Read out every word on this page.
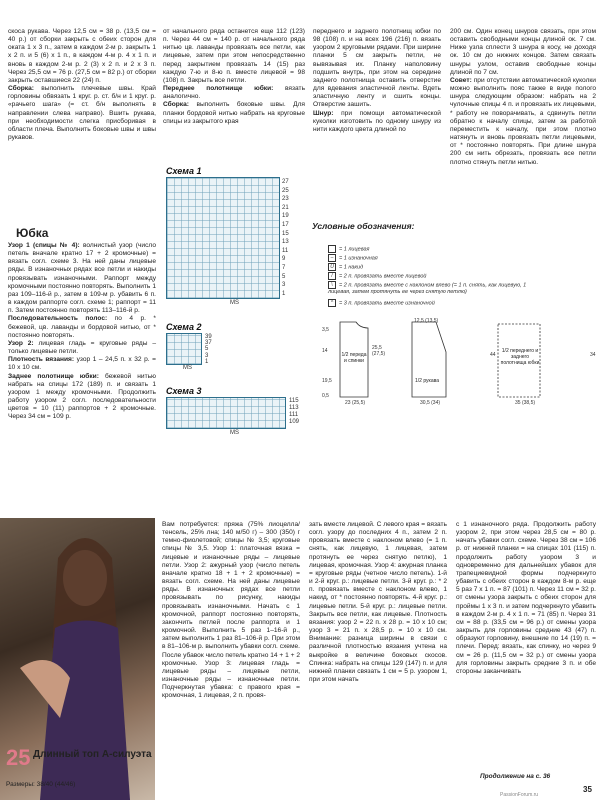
скоса рукава. Через 12,5 см = 38 р. (13,5 см = 40 р.) от сборки закрыть с обеих сторон для оката 1 х 3 п., затем в каждом 2-м р. закрыть 1 х 2 п. и 5 (6) х 1 п., в каждом 4-м р. 4 х 1 п. и вновь в каждом 2-м р. 2 (3) х 2 п. и 2 х 3 п. Через 25,5 см = 76 р. (27,5 см = 82 р.) от сборки закрыть оставшиеся 22 (24) п.

Сборка: выполнить плечевые швы. Край горловины обвязать 1 круг. р. ст. б/н и 1 круг. р. «рачьего шага» (= ст. б/н выполнять в направлении слева направо). Вшить рукава, при необходимости слегка присборивая в области плеча. Выполнить боковые швы и швы рукавов.

Юбка

Узор 1 (спицы № 4): волнистый узор (число петель вначале кратно 17 + 2 кромочные) = вязать согл. схеме 3. На ней даны лицевые ряды. В изнаночных рядах все петли и накиды провязывать изнаночными. Раппорт между кромочными постоянно повторять. Выполнить 1 раз 109–116-й р., затем в 109-м р. убавить 6 п. в каждом раппорте согл. схеме 1; раппорт = 11 п. Затем постоянно повторять 113–116-й р.

Последовательность полос: по 4 р. * бежевой, цв. лаванды и бордовой нитью, от * постоянно повторять.

Узор 2: лицевая гладь = круговые ряды – только лицевые петли.

Плотность вязания: узор 1 – 24,5 п. х 32 р. = 10 х 10 см.

Заднее полотнище юбки: бежевой нитью набрать на спицы 172 (189) п. и связать 1 узором 1 между кромочными. Продолжить работу узором 2 согл. последовательности цветов = 10 (11) раппортов + 2 кромочные. Через 34 см = 109 р.

от начального ряда останется еще 112 (123) п. Через 44 см = 140 р. от начального ряда нитью цв. лаванды провязать все петли, как лицевые, затем при этом непосредственно перед закрытием провязать 14 (15) раз каждую 7-ю и 8-ю п. вместе лицевой = 98 (108) п. Закрыть все петли.

Переднее полотнище юбки: вязать аналогично.

Сборка: выполнить боковые швы. Для планки бордовой нитью набрать на круговые спицы из закрытого края

переднего и заднего полотнищ юбки по 98 (108) п. и на всех 196 (216) п. вязать узором 2 круговыми рядами. При ширине планки 5 см закрыть петли, не вывязывая их. Планку наполовину подшить внутрь, при этом на середине заднего полотнища оставить отверстие для вдевания эластичной ленты. Вдеть эластичную ленту и сшить концы. Отверстие зашить.

Шнур: при помощи автоматической куколки изготовить по одному шнуру из нити каждого цвета длиной по

200 см. Один конец шнуров связать, при этом оставить свободными концы длиной ок. 7 см. Ниже узла сплести 3 шнура в косу, не доходя ок. 10 см до нижних концов. Затем связать шнуры узлом, оставив свободные концы длиной по 7 см.

Совет: при отсутствии автоматической куколки можно выполнить пояс также в виде полого шнура следующим образом: набрать на 2 чулочные спицы 4 п. и провязать их лицевыми, * работу не поворачивать, а сдвинуть петли обратно к началу спицы, затем за работой переместить к началу, при этом плотно натянуть и вновь провязать петли лицевыми, от * постоянно повторять. При длине шнура 200 см нить обрезать, провязать все петли плотно стянуть петли нитью.

Схема 1
27
25
23
21
19
17
15
13
11
9
7
5
3
1
MS
Схема 2
39
37
5
3
1
MS
Схема 3
115
113
111
109
MS
Условные обозначения:
= 1 лицевая
– = 1 изнаночная
U = 1 накид
/ = 2 п. провязать вместе лицевой
\ = 2 п. провязать вместе с наклоном влево (= 1 п. снять, как лицевую, 1 лицевая, затем протянуть ее через снятую петлю)
^ = 3 п. провязать вместе изнаночной
1/2 переда и спинки
1/2 рукава
1/2 переднего и заднего полотнища юбки
3,5
14
19,5
25,5
(27,5)
0,5
23 (25,5)
12,5 (13,5)
30,5 (34)	35 (38,5)
44	34
25 Длинный топ А-силуэта
Размеры: 38/40 (44/46)
Вам потребуется: пряжа (75% лиоцелла/тенсель, 25% лна; 140 м/50 г) – 300 (350) г темно-фиолетовой; спицы № 3,5; круговые спицы № 3,5. Узор 1: платочная вязка = лицевые и изнаночные ряды – лицевые петли. Узор 2: ажурный узор (число петель вначале кратно 18 + 1 + 2 кромочные) = вязать согл. схеме. На ней даны лицевые ряды. В изнаночных рядах все петли провязывать по рисунку, накиды провязывать изнаночными. Начать с 1 кромочной, раппорт постоянно повторять, закончить петлей после раппорта и 1 кромочной. Выполнить 5 раз 1–16-й р., затем выполнить 1 раз 81–106-й р. При этом в 81–106-м р. выполнить убавки согл. схеме. После убавок число петель кратно 14 + 1 + 2 кромочные. Узор 3: лицевая гладь = лицевые ряды – лицевые петли, изнаночные ряды – изнаночные петли. Подчеркнутая убавка: с правого края = кромочная, 1 лицевая, 2 п. провя-
зать вместе лицевой. С левого края = вязать согл. узору до последних 4 п., затем 2 п. провязать вместе с наклоном влево (= 1 п. снять, как лицевую, 1 лицевая, затем протянуть ее через снятую петлю), 1 лицевая, кромочная. Узор 4: ажурная планка = круговые ряды (четное число петель). 1-й и 2-й круг. р.: лицевые петли. 3-й круг. р.: * 2 п. провязать вместе с наклоном влево, 1 накид, от * постоянно повторять. 4-й круг. р.: лицевые петли. 5-й круг. р.: лицевые петли. Закрыть все петли, как лицевые. Плотность вязания: узор 2 = 22 п. х 28 р. = 10 х 10 см; узор 3 = 21 п. х 28,5 р. = 10 х 10 см. Внимание: разница ширины в связи с различной плотностью вязания учтена на выкройке в величине боковых скосов. Спинка: набрать на спицы 129 (147) п. и для нижней планки связать 1 см = 5 р. узором 1, при этом начать
с 1 изнаночного ряда. Продолжить работу узором 2, при этом через 28,5 см = 80 р. начать убавки согл. схеме. Через 38 см = 106 р. от нижней планки = на спицах 101 (115) п. продолжить работу узором 3 и одновременно для дальнейших убавок для трапециевидной формы подчеркнуто убавить с обеих сторон в каждом 8-м р. еще 5 раз 7 х 1 п. = 87 (101) п. Через 11 см = 32 р. от смены узора закрыть с обеих сторон для проймы 1 х 3 п. и затем подчеркнуто убавить в каждом 2-м р. 4 х 1 п. = 71 (85) п. Через 31 см = 88 р. (33,5 см = 96 р.) от смены узора закрыть для горловины средние 43 (47) п. образуют горловину, внешние по 14 (19) п. = плечи. Перед: вязать, как спинку, но через 9 см = 26 р. (11,5 см = 32 р.) от смены узора для горловины закрыть средние 3 п. и обе стороны заканчивать
Продолжение на с. 36
35
PassionForum.ru
